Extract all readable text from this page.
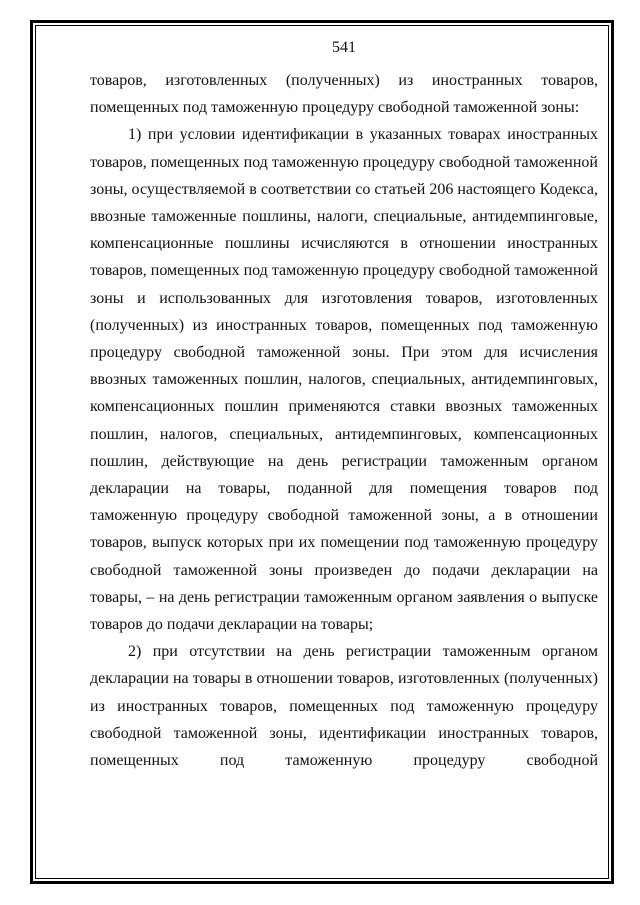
541

товаров, изготовленных (полученных) из иностранных товаров, помещенных под таможенную процедуру свободной таможенной зоны:

1) при условии идентификации в указанных товарах иностранных товаров, помещенных под таможенную процедуру свободной таможенной зоны, осуществляемой в соответствии со статьей 206 настоящего Кодекса, ввозные таможенные пошлины, налоги, специальные, антидемпинговые, компенсационные пошлины исчисляются в отношении иностранных товаров, помещенных под таможенную процедуру свободной таможенной зоны и использованных для изготовления товаров, изготовленных (полученных) из иностранных товаров, помещенных под таможенную процедуру свободной таможенной зоны. При этом для исчисления ввозных таможенных пошлин, налогов, специальных, антидемпинговых, компенсационных пошлин применяются ставки ввозных таможенных пошлин, налогов, специальных, антидемпинговых, компенсационных пошлин, действующие на день регистрации таможенным органом декларации на товары, поданной для помещения товаров под таможенную процедуру свободной таможенной зоны, а в отношении товаров, выпуск которых при их помещении под таможенную процедуру свободной таможенной зоны произведен до подачи декларации на товары, – на день регистрации таможенным органом заявления о выпуске товаров до подачи декларации на товары;

2) при отсутствии на день регистрации таможенным органом декларации на товары в отношении товаров, изготовленных (полученных) из иностранных товаров, помещенных под таможенную процедуру свободной таможенной зоны, идентификации иностранных товаров, помещенных под таможенную процедуру свободной
